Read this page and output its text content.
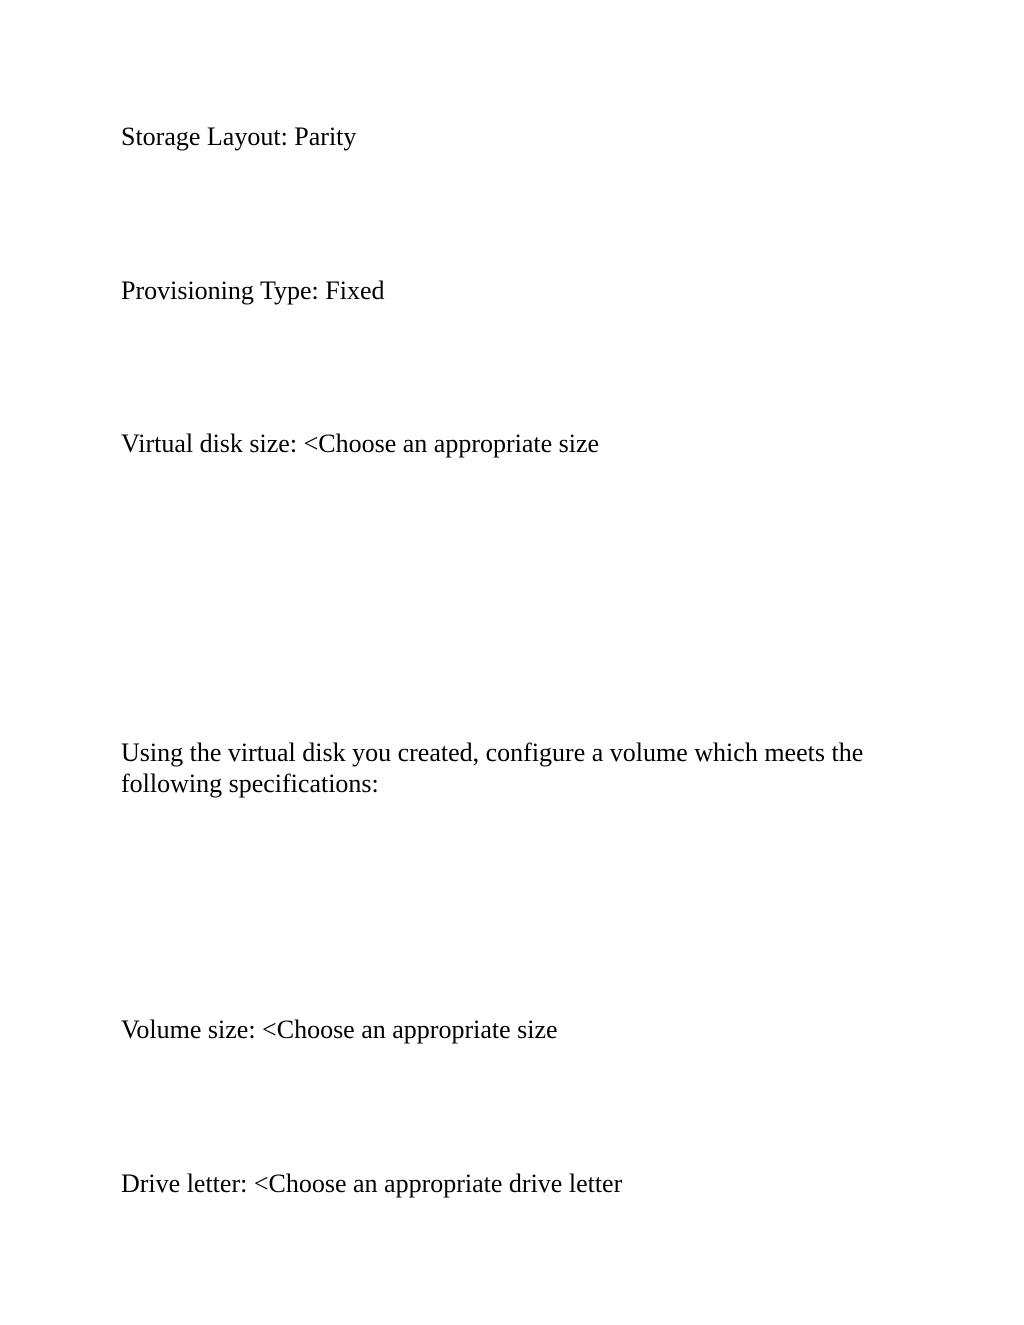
Storage Layout: Parity

Provisioning Type: Fixed

Virtual disk size: <Choose an appropriate size

Using the virtual disk you created, configure a volume which meets the
following specifications:

Volume size: <Choose an appropriate size

Drive letter: <Choose an appropriate drive letter
